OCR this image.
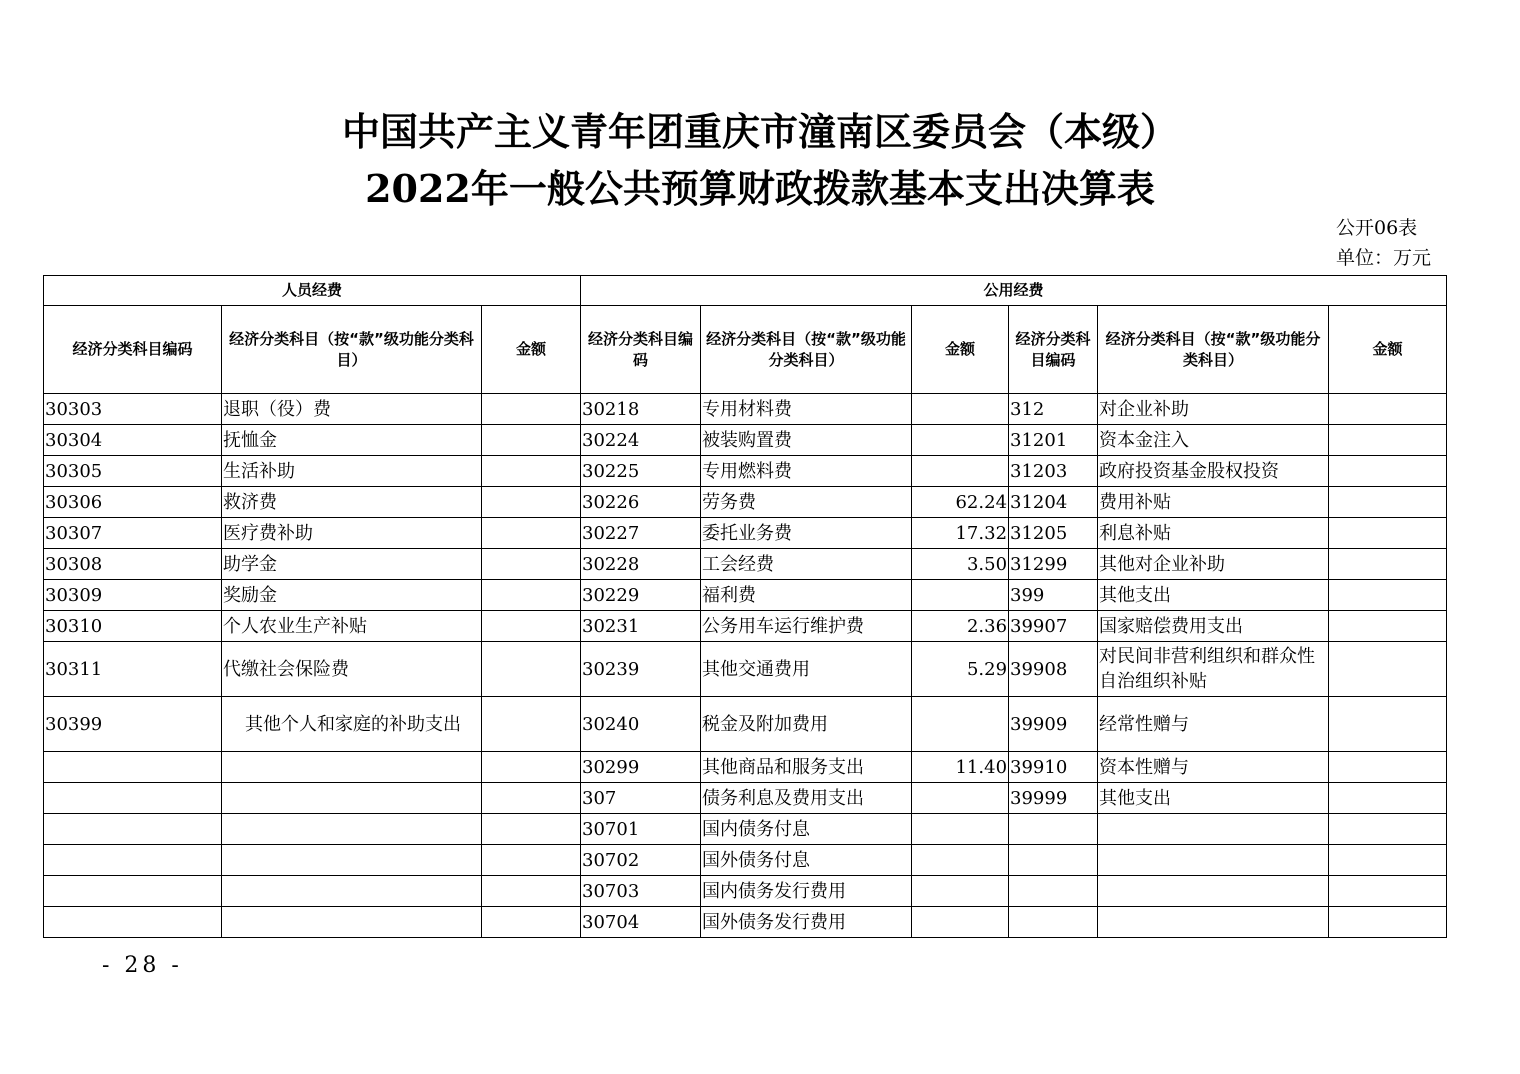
中国共产主义青年团重庆市潼南区委员会（本级）
2022年一般公共预算财政拨款基本支出决算表
公开06表
单位：万元
人员经费			公用经费					
经济分类科目编码	经济分类科目（按“款”级功能分类科目）	金额	经济分类科目编码	经济分类科目（按“款”级功能分类科目）	金额	经济分类科目编码	经济分类科目（按“款”级功能分类科目）	金额
30303	退职（役）费		30218	专用材料费		312	对企业补助	
30304	抚恤金		30224	被装购置费		31201	资本金注入	
30305	生活补助		30225	专用燃料费		31203	政府投资基金股权投资	
30306	救济费		30226	劳务费	62.24	31204	费用补贴	
30307	医疗费补助		30227	委托业务费	17.32	31205	利息补贴	
30308	助学金		30228	工会经费	3.50	31299	其他对企业补助	
30309	奖励金		30229	福利费		399	其他支出	
30310	个人农业生产补贴		30231	公务用车运行维护费	2.36	39907	国家赔偿费用支出	
30311	代缴社会保险费		30239	其他交通费用	5.29	39908	对民间非营利组织和群众性自治组织补贴	
30399	其他个人和家庭的补助支出		30240	税金及附加费用		39909	经常性赠与	
			30299	其他商品和服务支出	11.40	39910	资本性赠与	
			307	债务利息及费用支出		39999	其他支出	
			30701	国内债务付息				
			30702	国外债务付息				
			30703	国内债务发行费用				
			30704	国外债务发行费用				
- 28 -
